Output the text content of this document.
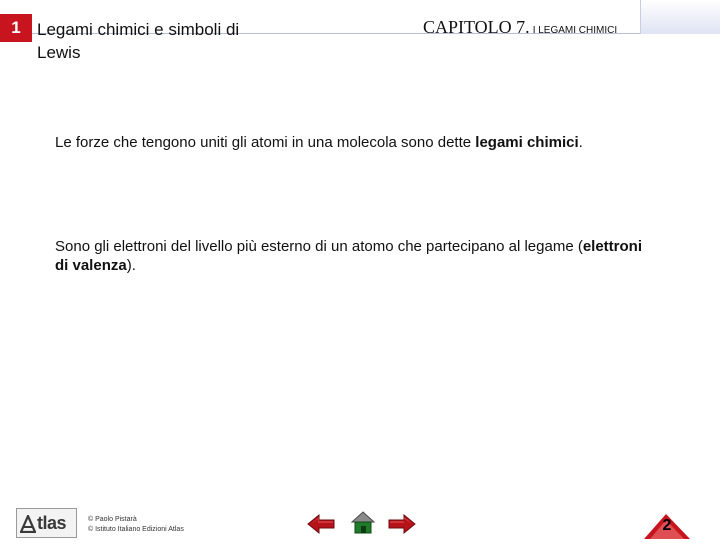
1 Legami chimici e simboli di Lewis
CAPITOLO 7. I LEGAMI CHIMICI
Le forze che tengono uniti gli atomi in una molecola sono dette legami chimici.
Sono gli elettroni del livello più esterno di un atomo che partecipano al legame (elettroni di valenza).
tlas	© Paolo Pistarà
© Istituto Italiano Edizioni Atlas	2
